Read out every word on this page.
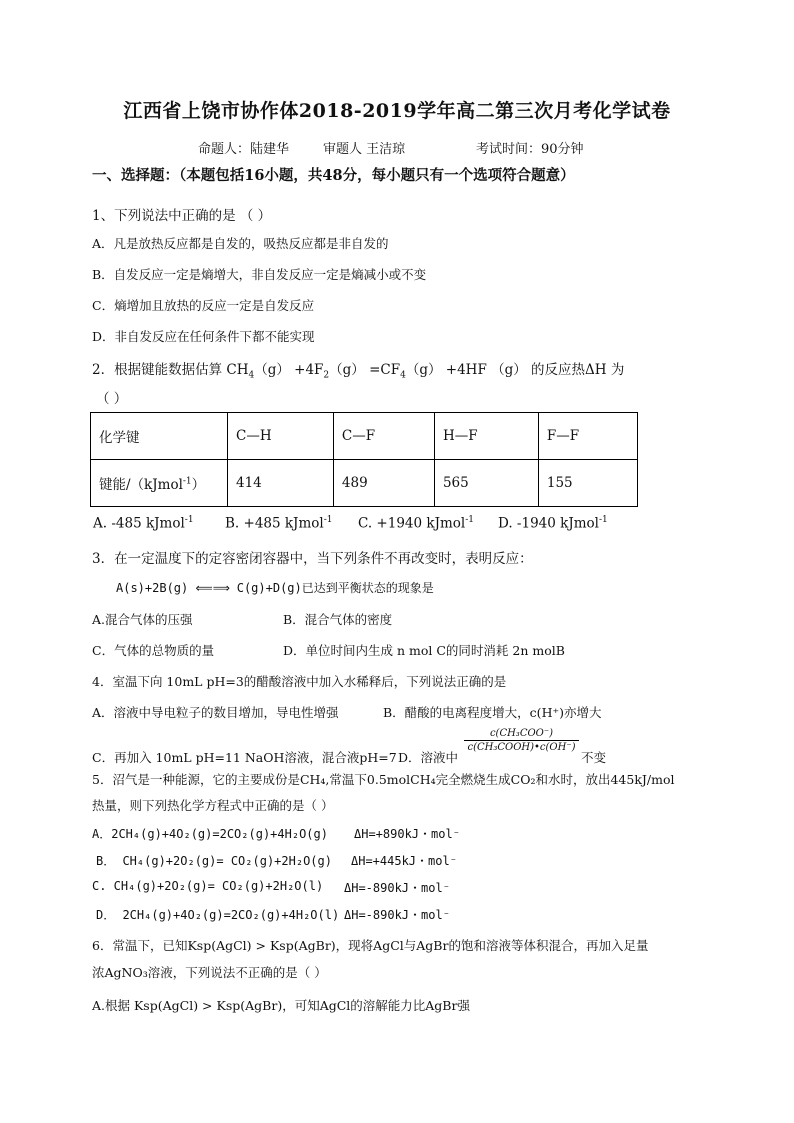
江西省上饶市协作体2018-2019学年高二第三次月考化学试卷
命题人：陆建华	审题人 王洁琼	考试时间：90分钟
一、选择题：（本题包括16小题，共48分，每小题只有一个选项符合题意）
1、下列说法中正确的是 （ ）
A．凡是放热反应都是自发的，吸热反应都是非自发的
B．自发反应一定是熵增大，非自发反应一定是熵减小或不变
C．熵增加且放热的反应一定是自发反应
D．非自发反应在任何条件下都不能实现
2．根据键能数据估算 $CH_4(g) +4F_2(g) =CF_4(g) +4HF$ （g） 的反应热ΔH 为
（ ）
化学键	C—H	C—F	H—F	F—F
键能/（kJmol$^{-1}$）	414	489	565	155
A. -485 kJmol$^{-1}$ B. +485 kJmol$^{-1}$ C. +1940 kJmol$^{-1}$ D. -1940 kJmol$^{-1}$
3．在一定温度下的定容密闭容器中，当下列条件不再改变时，表明反应：
A(s)+2B(g) ⟸⟹ C(g)+D(g)已达到平衡状态的现象是
A.混合气体的压强	B．混合气体的密度
C．气体的总物质的量	D．单位时间内生成 n mol C的同时消耗 2n molB
4．室温下向 10mL pH=3的醋酸溶液中加入水稀释后，下列说法正确的是
A．溶液中导电粒子的数目增加，导电性增强	B．醋酸的电离程度增大，c(H⁺)亦增大
C．再加入 10mL pH=11 NaOH溶液，混合液pH=7 D．溶液中
c(CH₃COO⁻)
c(CH₃COOH)•c(OH⁻)
不变
5．沼气是一种能源，它的主要成份是CH₄,常温下0.5molCH₄完全燃烧生成CO₂和水时，放出445kJ/mol
热量，则下列热化学方程式中正确的是（ ）
A．2CH₄(g)+4O₂(g)=2CO₂(g)+4H₂O(g) ΔH=+890kJ・mol⁻
B． CH₄(g)+2O₂(g)= CO₂(g)+2H₂O(g) ΔH=+445kJ・mol⁻
C. CH₄(g)+2O₂(g)= CO₂(g)+2H₂O(l) ΔH=-890kJ・mol⁻
D． 2CH₄(g)+4O₂(g)=2CO₂(g)+4H₂O(l) ΔH=-890kJ・mol⁻
6．常温下，已知Ksp(AgCl) > Ksp(AgBr)，现将AgCl与AgBr的饱和溶液等体积混合，再加入足量
浓AgNO₃溶液，下列说法不正确的是（ ）
A.根据 Ksp(AgCl) > Ksp(AgBr)，可知AgCl的溶解能力比AgBr强
